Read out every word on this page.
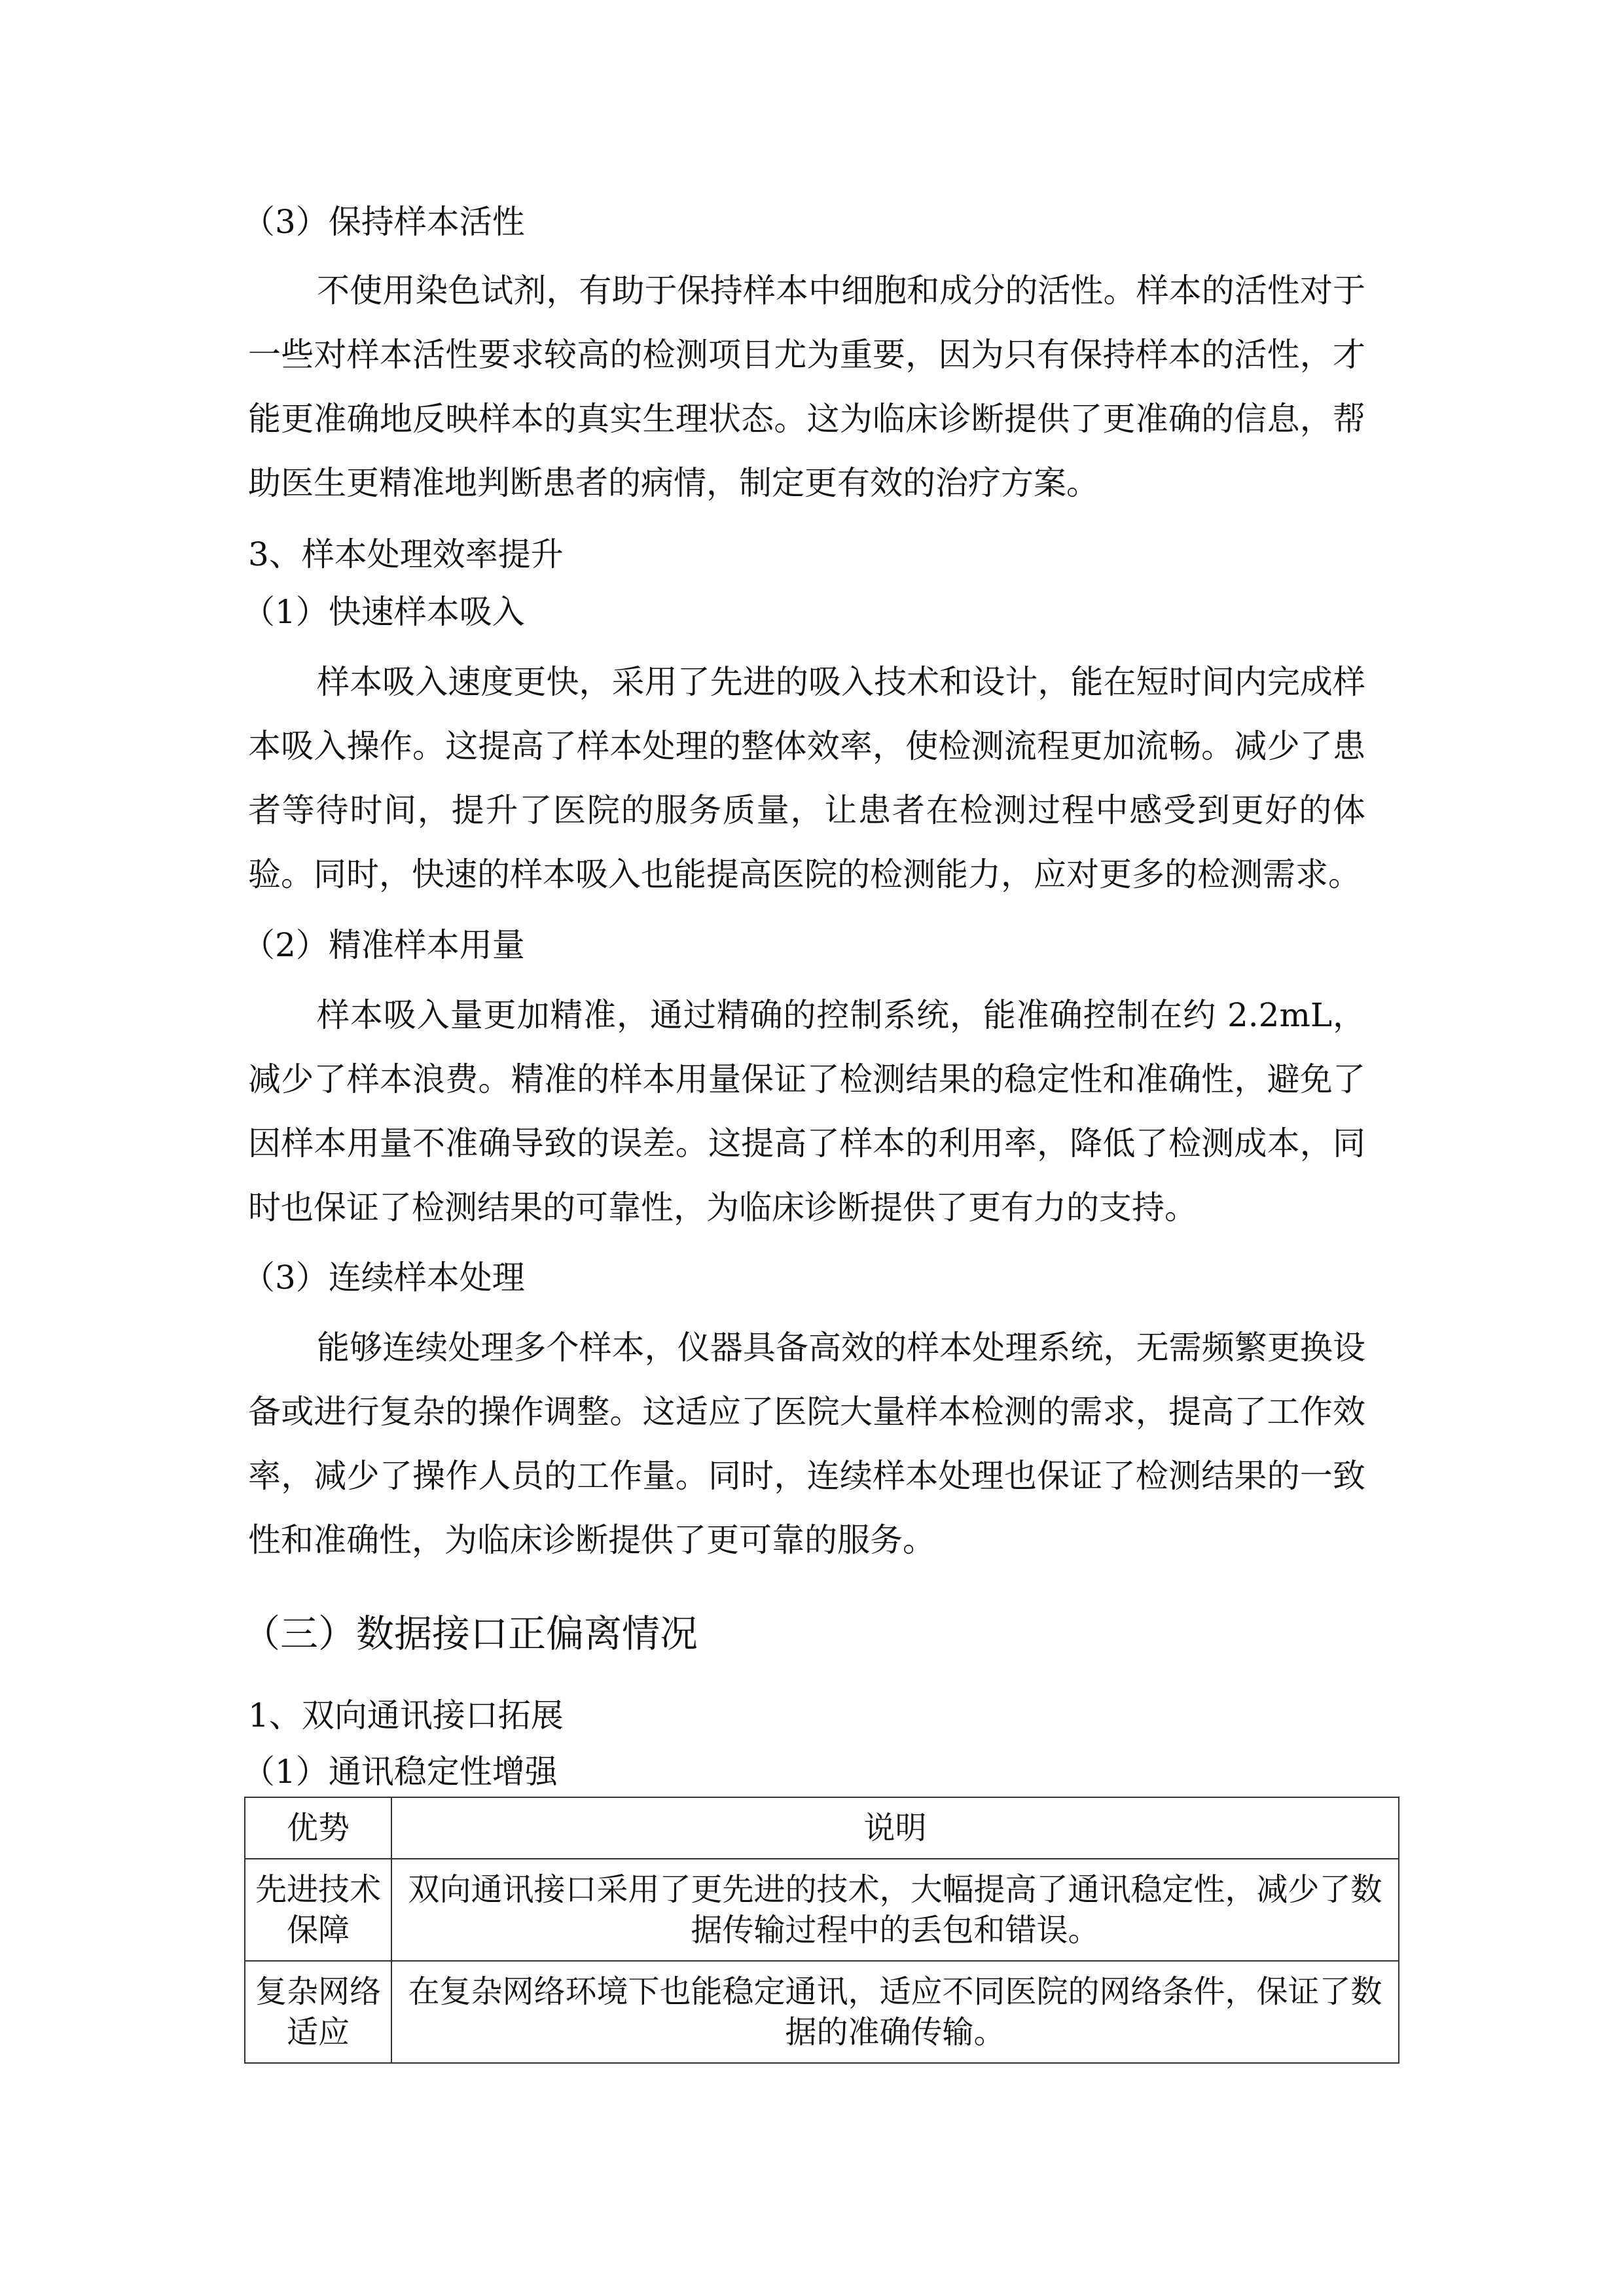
（3）保持样本活性
不使用染色试剂，有助于保持样本中细胞和成分的活性。样本的活性对于一些对样本活性要求较高的检测项目尤为重要，因为只有保持样本的活性，才能更准确地反映样本的真实生理状态。这为临床诊断提供了更准确的信息，帮助医生更精准地判断患者的病情，制定更有效的治疗方案。
3、样本处理效率提升
（1）快速样本吸入
样本吸入速度更快，采用了先进的吸入技术和设计，能在短时间内完成样本吸入操作。这提高了样本处理的整体效率，使检测流程更加流畅。减少了患者等待时间，提升了医院的服务质量，让患者在检测过程中感受到更好的体验。同时，快速的样本吸入也能提高医院的检测能力，应对更多的检测需求。
（2）精准样本用量
样本吸入量更加精准，通过精确的控制系统，能准确控制在约 2.2mL，减少了样本浪费。精准的样本用量保证了检测结果的稳定性和准确性，避免了因样本用量不准确导致的误差。这提高了样本的利用率，降低了检测成本，同时也保证了检测结果的可靠性，为临床诊断提供了更有力的支持。
（3）连续样本处理
能够连续处理多个样本，仪器具备高效的样本处理系统，无需频繁更换设备或进行复杂的操作调整。这适应了医院大量样本检测的需求，提高了工作效率，减少了操作人员的工作量。同时，连续样本处理也保证了检测结果的一致性和准确性，为临床诊断提供了更可靠的服务。
（三）数据接口正偏离情况
1、双向通讯接口拓展
（1）通讯稳定性增强
优势	说明
先进技术保障	双向通讯接口采用了更先进的技术，大幅提高了通讯稳定性，减少了数据传输过程中的丢包和错误。
复杂网络适应	在复杂网络环境下也能稳定通讯，适应不同医院的网络条件，保证了数据的准确传输。
